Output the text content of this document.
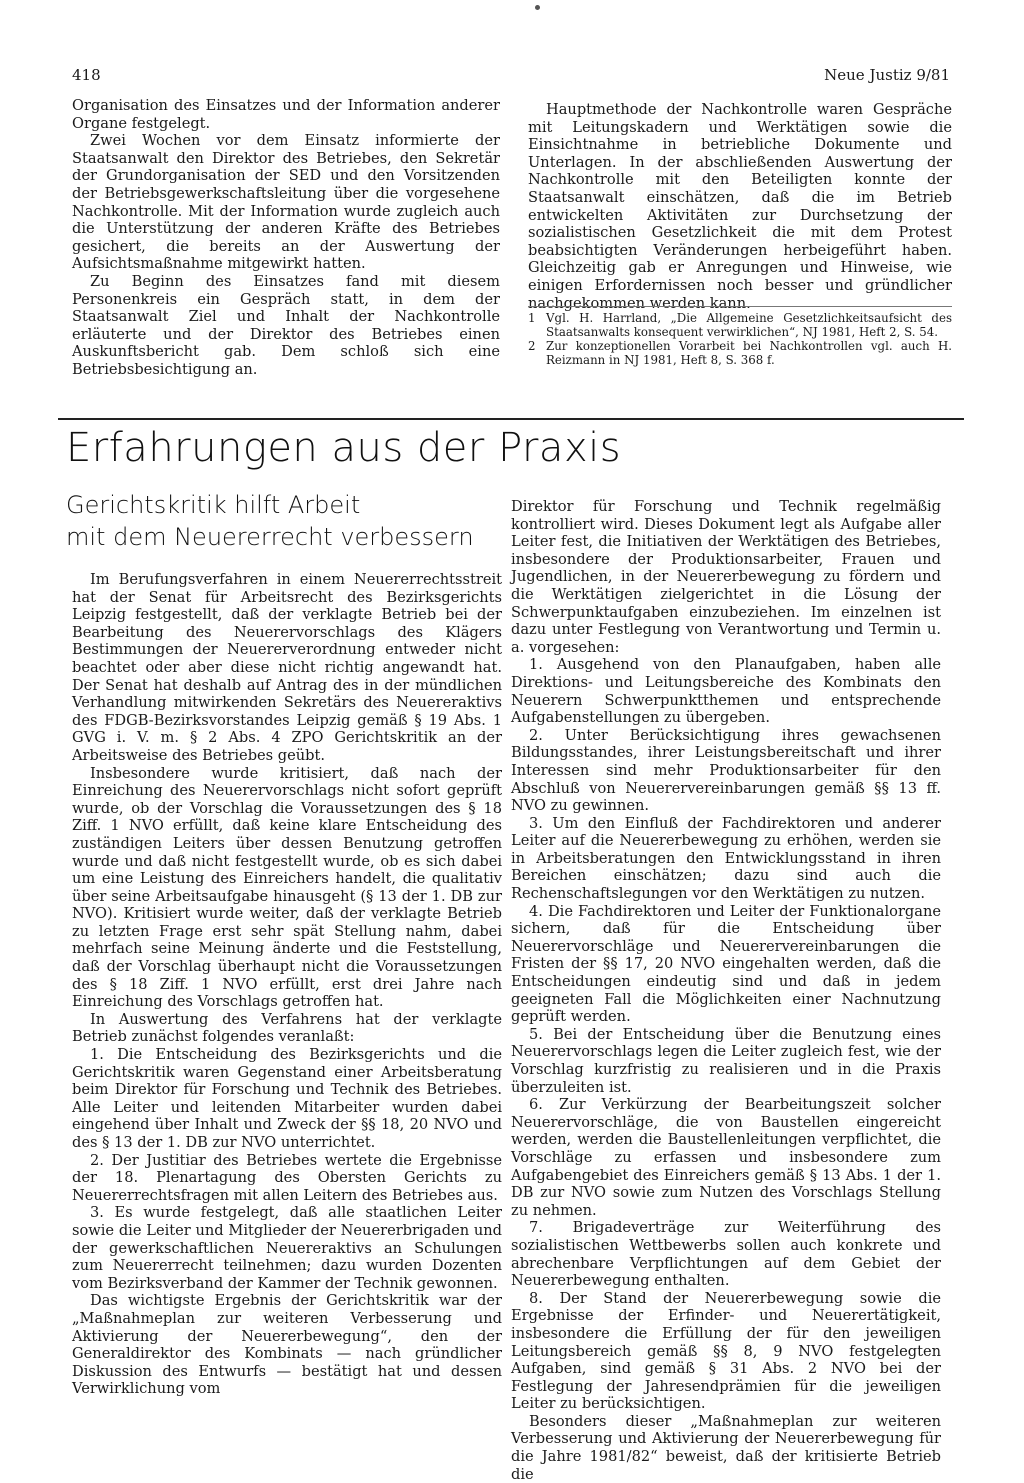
418	Neue Justiz 9/81

Organisation des Einsatzes und der Information anderer Organe festgelegt.

Zwei Wochen vor dem Einsatz informierte der Staatsanwalt den Direktor des Betriebes, den Sekretär der Grundorganisation der SED und den Vorsitzenden der Betriebsgewerkschaftsleitung über die vorgesehene Nachkontrolle. Mit der Information wurde zugleich auch die Unterstützung der anderen Kräfte des Betriebes gesichert, die bereits an der Auswertung der Aufsichtsmaßnahme mitgewirkt hatten.

Zu Beginn des Einsatzes fand mit diesem Personenkreis ein Gespräch statt, in dem der Staatsanwalt Ziel und Inhalt der Nachkontrolle erläuterte und der Direktor des Betriebes einen Auskunftsbericht gab. Dem schloß sich eine Betriebsbesichtigung an.

Hauptmethode der Nachkontrolle waren Gespräche mit Leitungskadern und Werktätigen sowie die Einsichtnahme in betriebliche Dokumente und Unterlagen. In der abschließenden Auswertung der Nachkontrolle mit den Beteiligten konnte der Staatsanwalt einschätzen, daß die im Betrieb entwickelten Aktivitäten zur Durchsetzung der sozialistischen Gesetzlichkeit die mit dem Protest beabsichtigten Veränderungen herbeigeführt haben. Gleichzeitig gab er Anregungen und Hinweise, wie einigen Erfordernissen noch besser und gründlicher nachgekommen werden kann.

1 Vgl. H. Harrland, „Die Allgemeine Gesetzlichkeitsaufsicht des Staatsanwalts konsequent verwirklichen“, NJ 1981, Heft 2, S. 54.
2 Zur konzeptionellen Vorarbeit bei Nachkontrollen vgl. auch H. Reizmann in NJ 1981, Heft 8, S. 368 f.
Erfahrungen aus der Praxis
Gerichtskritik hilft Arbeit
mit dem Neuererrecht verbessern

Im Berufungsverfahren in einem Neuererrechtsstreit hat der Senat für Arbeitsrecht des Bezirksgerichts Leipzig festgestellt, daß der verklagte Betrieb bei der Bearbeitung des Neuerervorschlags des Klägers Bestimmungen der Neuererverordnung entweder nicht beachtet oder aber diese nicht richtig angewandt hat. Der Senat hat deshalb auf Antrag des in der mündlichen Verhandlung mitwirkenden Sekretärs des Neuereraktivs des FDGB-Bezirksvorstandes Leipzig gemäß § 19 Abs. 1 GVG i. V. m. § 2 Abs. 4 ZPO Gerichtskritik an der Arbeitsweise des Betriebes geübt.

Insbesondere wurde kritisiert, daß nach der Einreichung des Neuerervorschlags nicht sofort geprüft wurde, ob der Vorschlag die Voraussetzungen des § 18 Ziff. 1 NVO erfüllt, daß keine klare Entscheidung des zuständigen Leiters über dessen Benutzung getroffen wurde und daß nicht festgestellt wurde, ob es sich dabei um eine Leistung des Einreichers handelt, die qualitativ über seine Arbeitsaufgabe hinausgeht (§ 13 der 1. DB zur NVO). Kritisiert wurde weiter, daß der verklagte Betrieb zu letzten Frage erst sehr spät Stellung nahm, dabei mehrfach seine Meinung änderte und die Feststellung, daß der Vorschlag überhaupt nicht die Voraussetzungen des § 18 Ziff. 1 NVO erfüllt, erst drei Jahre nach Einreichung des Vorschlags getroffen hat.

In Auswertung des Verfahrens hat der verklagte Betrieb zunächst folgendes veranlaßt:

1. Die Entscheidung des Bezirksgerichts und die Gerichtskritik waren Gegenstand einer Arbeitsberatung beim Direktor für Forschung und Technik des Betriebes. Alle Leiter und leitenden Mitarbeiter wurden dabei eingehend über Inhalt und Zweck der §§ 18, 20 NVO und des § 13 der 1. DB zur NVO unterrichtet.

2. Der Justitiar des Betriebes wertete die Ergebnisse der 18. Plenartagung des Obersten Gerichts zu Neuererrechtsfragen mit allen Leitern des Betriebes aus.

3. Es wurde festgelegt, daß alle staatlichen Leiter sowie die Leiter und Mitglieder der Neuererbrigaden und der gewerkschaftlichen Neuereraktivs an Schulungen zum Neuererrecht teilnehmen; dazu wurden Dozenten vom Bezirksverband der Kammer der Technik gewonnen.

Das wichtigste Ergebnis der Gerichtskritik war der „Maßnahmeplan zur weiteren Verbesserung und Aktivierung der Neuererbewegung“, den der Generaldirektor des Kombinats — nach gründlicher Diskussion des Entwurfs — bestätigt hat und dessen Verwirklichung vom

Direktor für Forschung und Technik regelmäßig kontrolliert wird. Dieses Dokument legt als Aufgabe aller Leiter fest, die Initiativen der Werktätigen des Betriebes, insbesondere der Produktionsarbeiter, Frauen und Jugendlichen, in der Neuererbewegung zu fördern und die Werktätigen zielgerichtet in die Lösung der Schwerpunktaufgaben einzubeziehen. Im einzelnen ist dazu unter Festlegung von Verantwortung und Termin u. a. vorgesehen:

1. Ausgehend von den Planaufgaben, haben alle Direktions- und Leitungsbereiche des Kombinats den Neuerern Schwerpunktthemen und entsprechende Aufgabenstellungen zu übergeben.

2. Unter Berücksichtigung ihres gewachsenen Bildungsstandes, ihrer Leistungsbereitschaft und ihrer Interessen sind mehr Produktionsarbeiter für den Abschluß von Neuerervereinbarungen gemäß §§ 13 ff. NVO zu gewinnen.

3. Um den Einfluß der Fachdirektoren und anderer Leiter auf die Neuererbewegung zu erhöhen, werden sie in Arbeitsberatungen den Entwicklungsstand in ihren Bereichen einschätzen; dazu sind auch die Rechenschaftslegungen vor den Werktätigen zu nutzen.

4. Die Fachdirektoren und Leiter der Funktionalorgane sichern, daß für die Entscheidung über Neuerervorschläge und Neuerervereinbarungen die Fristen der §§ 17, 20 NVO eingehalten werden, daß die Entscheidungen eindeutig sind und daß in jedem geeigneten Fall die Möglichkeiten einer Nachnutzung geprüft werden.

5. Bei der Entscheidung über die Benutzung eines Neuerervorschlags legen die Leiter zugleich fest, wie der Vorschlag kurzfristig zu realisieren und in die Praxis überzuleiten ist.

6. Zur Verkürzung der Bearbeitungszeit solcher Neuerervorschläge, die von Baustellen eingereicht werden, werden die Baustellenleitungen verpflichtet, die Vorschläge zu erfassen und insbesondere zum Aufgabengebiet des Einreichers gemäß § 13 Abs. 1 der 1. DB zur NVO sowie zum Nutzen des Vorschlags Stellung zu nehmen.

7. Brigadeverträge zur Weiterführung des sozialistischen Wettbewerbs sollen auch konkrete und abrechenbare Verpflichtungen auf dem Gebiet der Neuererbewegung enthalten.

8. Der Stand der Neuererbewegung sowie die Ergebnisse der Erfinder- und Neuerertätigkeit, insbesondere die Erfüllung der für den jeweiligen Leitungsbereich gemäß §§ 8, 9 NVO festgelegten Aufgaben, sind gemäß § 31 Abs. 2 NVO bei der Festlegung der Jahresendprämien für die jeweiligen Leiter zu berücksichtigen.

Besonders dieser „Maßnahmeplan zur weiteren Verbesserung und Aktivierung der Neuererbewegung für die Jahre 1981/82“ beweist, daß der kritisierte Betrieb die
